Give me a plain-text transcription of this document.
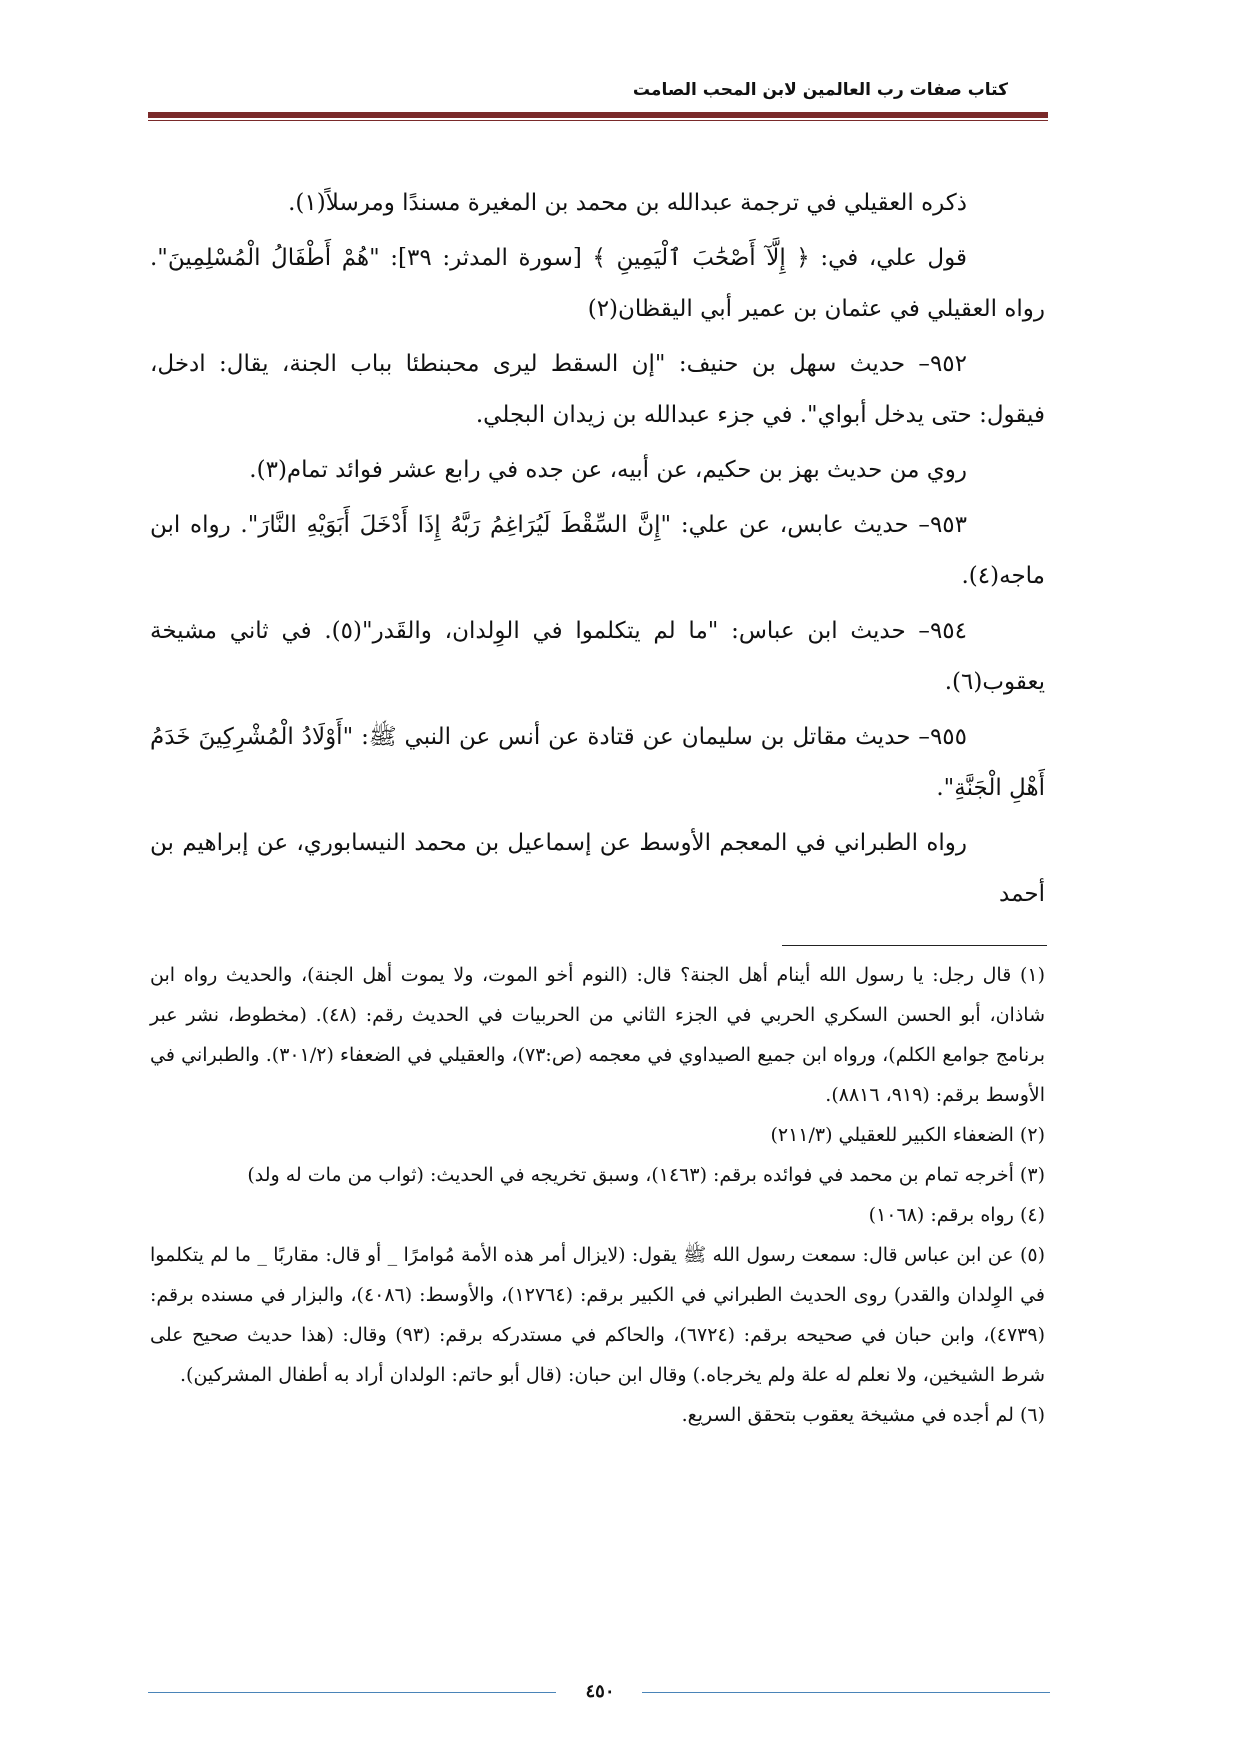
كتاب صفات رب العالمين لابن المحب الصامت

ذكره العقيلي في ترجمة عبدالله بن محمد بن المغيرة مسندًا ومرسلاً(١).

قول علي، في: ﴿ إِلَّآ أَصْحَٰبَ ٱلْيَمِينِ ﴾ [سورة المدثر: ٣٩]: "هُمْ أَطْفَالُ الْمُسْلِمِينَ". رواه العقيلي في عثمان بن عمير أبي اليقظان(٢)

٩٥٢– حديث سهل بن حنيف: "إن السقط ليرى محبنطئا بباب الجنة، يقال: ادخل، فيقول: حتى يدخل أبواي". في جزء عبدالله بن زيدان البجلي.

روي من حديث بهز بن حكيم، عن أبيه، عن جده في رابع عشر فوائد تمام(٣).

٩٥٣– حديث عابس، عن علي: "إِنَّ السِّقْطَ لَيُرَاغِمُ رَبَّهُ إِذَا أَدْخَلَ أَبَوَيْهِ النَّارَ". رواه ابن ماجه(٤).

٩٥٤– حديث ابن عباس: "ما لم يتكلموا في الوِلدان، والقَدر"(٥). في ثاني مشيخة يعقوب(٦).

٩٥٥– حديث مقاتل بن سليمان عن قتادة عن أنس عن النبي ﷺ: "أَوْلَادُ الْمُشْرِكِينَ خَدَمُ أَهْلِ الْجَنَّةِ".

رواه الطبراني في المعجم الأوسط عن إسماعيل بن محمد النيسابوري، عن إبراهيم بن أحمد

(١) قال رجل: يا رسول الله أينام أهل الجنة؟ قال: (النوم أخو الموت، ولا يموت أهل الجنة)، والحديث رواه ابن شاذان، أبو الحسن السكري الحربي في الجزء الثاني من الحربيات في الحديث رقم: (٤٨). (مخطوط، نشر عبر برنامج جوامع الكلم)، ورواه ابن جميع الصيداوي في معجمه (ص:٧٣)، والعقيلي في الضعفاء (٣٠١/٢). والطبراني في الأوسط برقم: (٩١٩، ٨٨١٦).

(٢) الضعفاء الكبير للعقيلي (٢١١/٣)

(٣) أخرجه تمام بن محمد في فوائده برقم: (١٤٦٣)، وسبق تخريجه في الحديث: (ثواب من مات له ولد)

(٤) رواه برقم: (١٠٦٨)

(٥) عن ابن عباس قال: سمعت رسول الله ﷺ يقول: (لايزال أمر هذه الأمة مُوامرًا _ أو قال: مقاربًا _ ما لم يتكلموا في الوِلدان والقدر) روى الحديث الطبراني في الكبير برقم: (١٢٧٦٤)، والأوسط: (٤٠٨٦)، والبزار في مسنده برقم: (٤٧٣٩)، وابن حبان في صحيحه برقم: (٦٧٢٤)، والحاكم في مستدركه برقم: (٩٣) وقال: (هذا حديث صحيح على شرط الشيخين، ولا نعلم له علة ولم يخرجاه.) وقال ابن حبان: (قال أبو حاتم: الولدان أراد به أطفال المشركين).

(٦) لم أجده في مشيخة يعقوب بتحقق السريع.

٤٥٠
